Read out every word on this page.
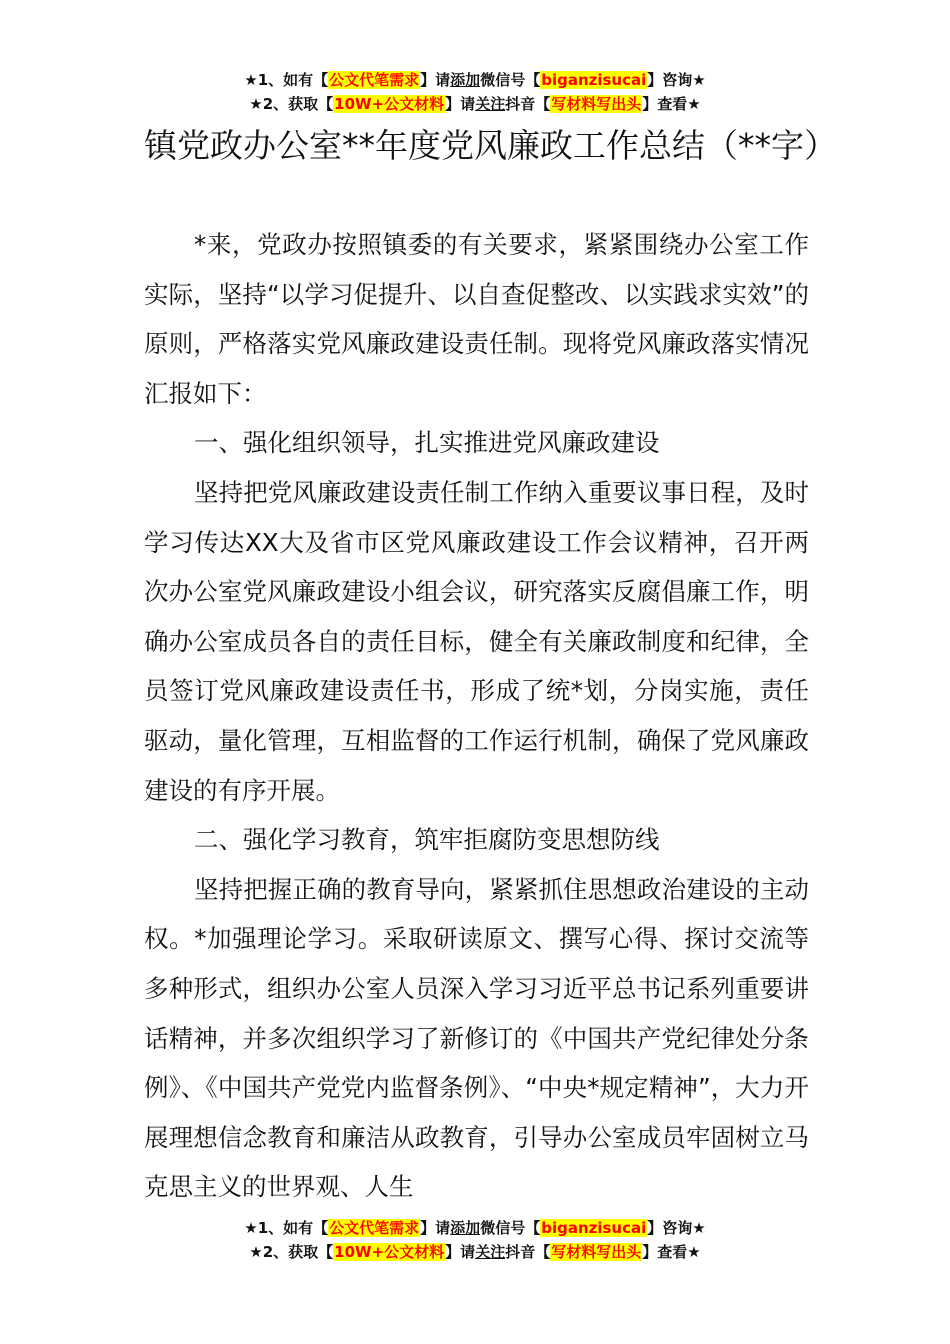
★1、如有【公文代笔需求】请添加微信号【biganzisucai】咨询★
★2、获取【10W+公文材料】请关注抖音【写材料写出头】查看★
镇党政办公室**年度党风廉政工作总结（**字）

*来，党政办按照镇委的有关要求，紧紧围绕办公室工作实际，坚持“以学习促提升、以自查促整改、以实践求实效”的原则，严格落实党风廉政建设责任制。现将党风廉政落实情况汇报如下：

一、强化组织领导，扎实推进党风廉政建设

坚持把党风廉政建设责任制工作纳入重要议事日程，及时学习传达XX大及省市区党风廉政建设工作会议精神，召开两次办公室党风廉政建设小组会议，研究落实反腐倡廉工作，明确办公室成员各自的责任目标，健全有关廉政制度和纪律，全员签订党风廉政建设责任书，形成了统*划，分岗实施，责任驱动，量化管理，互相监督的工作运行机制，确保了党风廉政建设的有序开展。

二、强化学习教育，筑牢拒腐防变思想防线

坚持把握正确的教育导向，紧紧抓住思想政治建设的主动权。*加强理论学习。采取研读原文、撰写心得、探讨交流等多种形式，组织办公室人员深入学习习近平总书记系列重要讲话精神，并多次组织学习了新修订的《中国共产党纪律处分条例》、《中国共产党党内监督条例》、“中央*规定精神”，大力开展理想信念教育和廉洁从政教育，引导办公室成员牢固树立马克思主义的世界观、人生

★1、如有【公文代笔需求】请添加微信号【biganzisucai】咨询★
★2、获取【10W+公文材料】请关注抖音【写材料写出头】查看★
